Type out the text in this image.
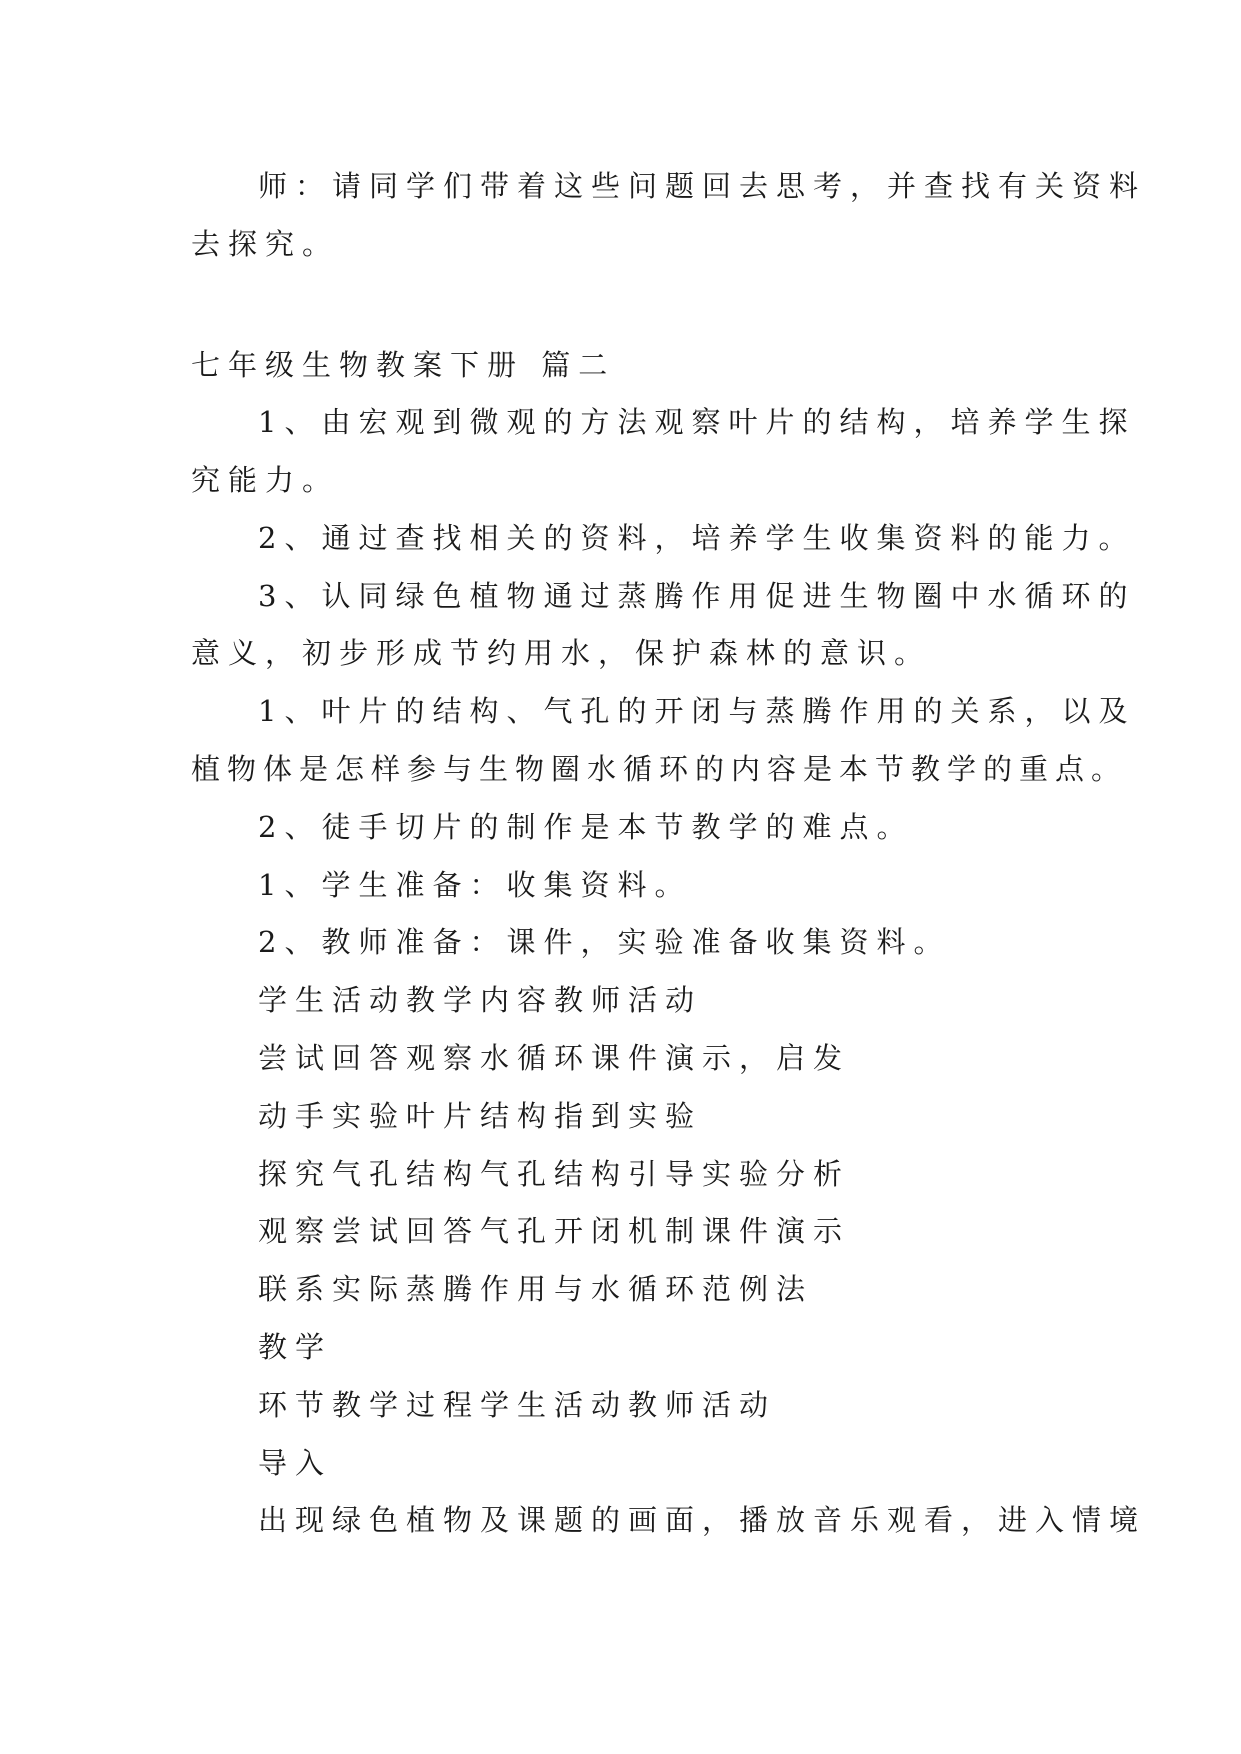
师：请同学们带着这些问题回去思考，并查找有关资料
去探究。
七年级生物教案下册 篇二
1、由宏观到微观的方法观察叶片的结构，培养学生探
究能力。
2、通过查找相关的资料，培养学生收集资料的能力。
3、认同绿色植物通过蒸腾作用促进生物圈中水循环的
意义，初步形成节约用水，保护森林的意识。
1、叶片的结构、气孔的开闭与蒸腾作用的关系，以及
植物体是怎样参与生物圈水循环的内容是本节教学的重点。
2、徒手切片的制作是本节教学的难点。
1、学生准备：收集资料。
2、教师准备：课件，实验准备收集资料。
学生活动教学内容教师活动
尝试回答观察水循环课件演示，启发
动手实验叶片结构指到实验
探究气孔结构气孔结构引导实验分析
观察尝试回答气孔开闭机制课件演示
联系实际蒸腾作用与水循环范例法
教学
环节教学过程学生活动教师活动
导入
出现绿色植物及课题的画面，播放音乐观看，进入情境
